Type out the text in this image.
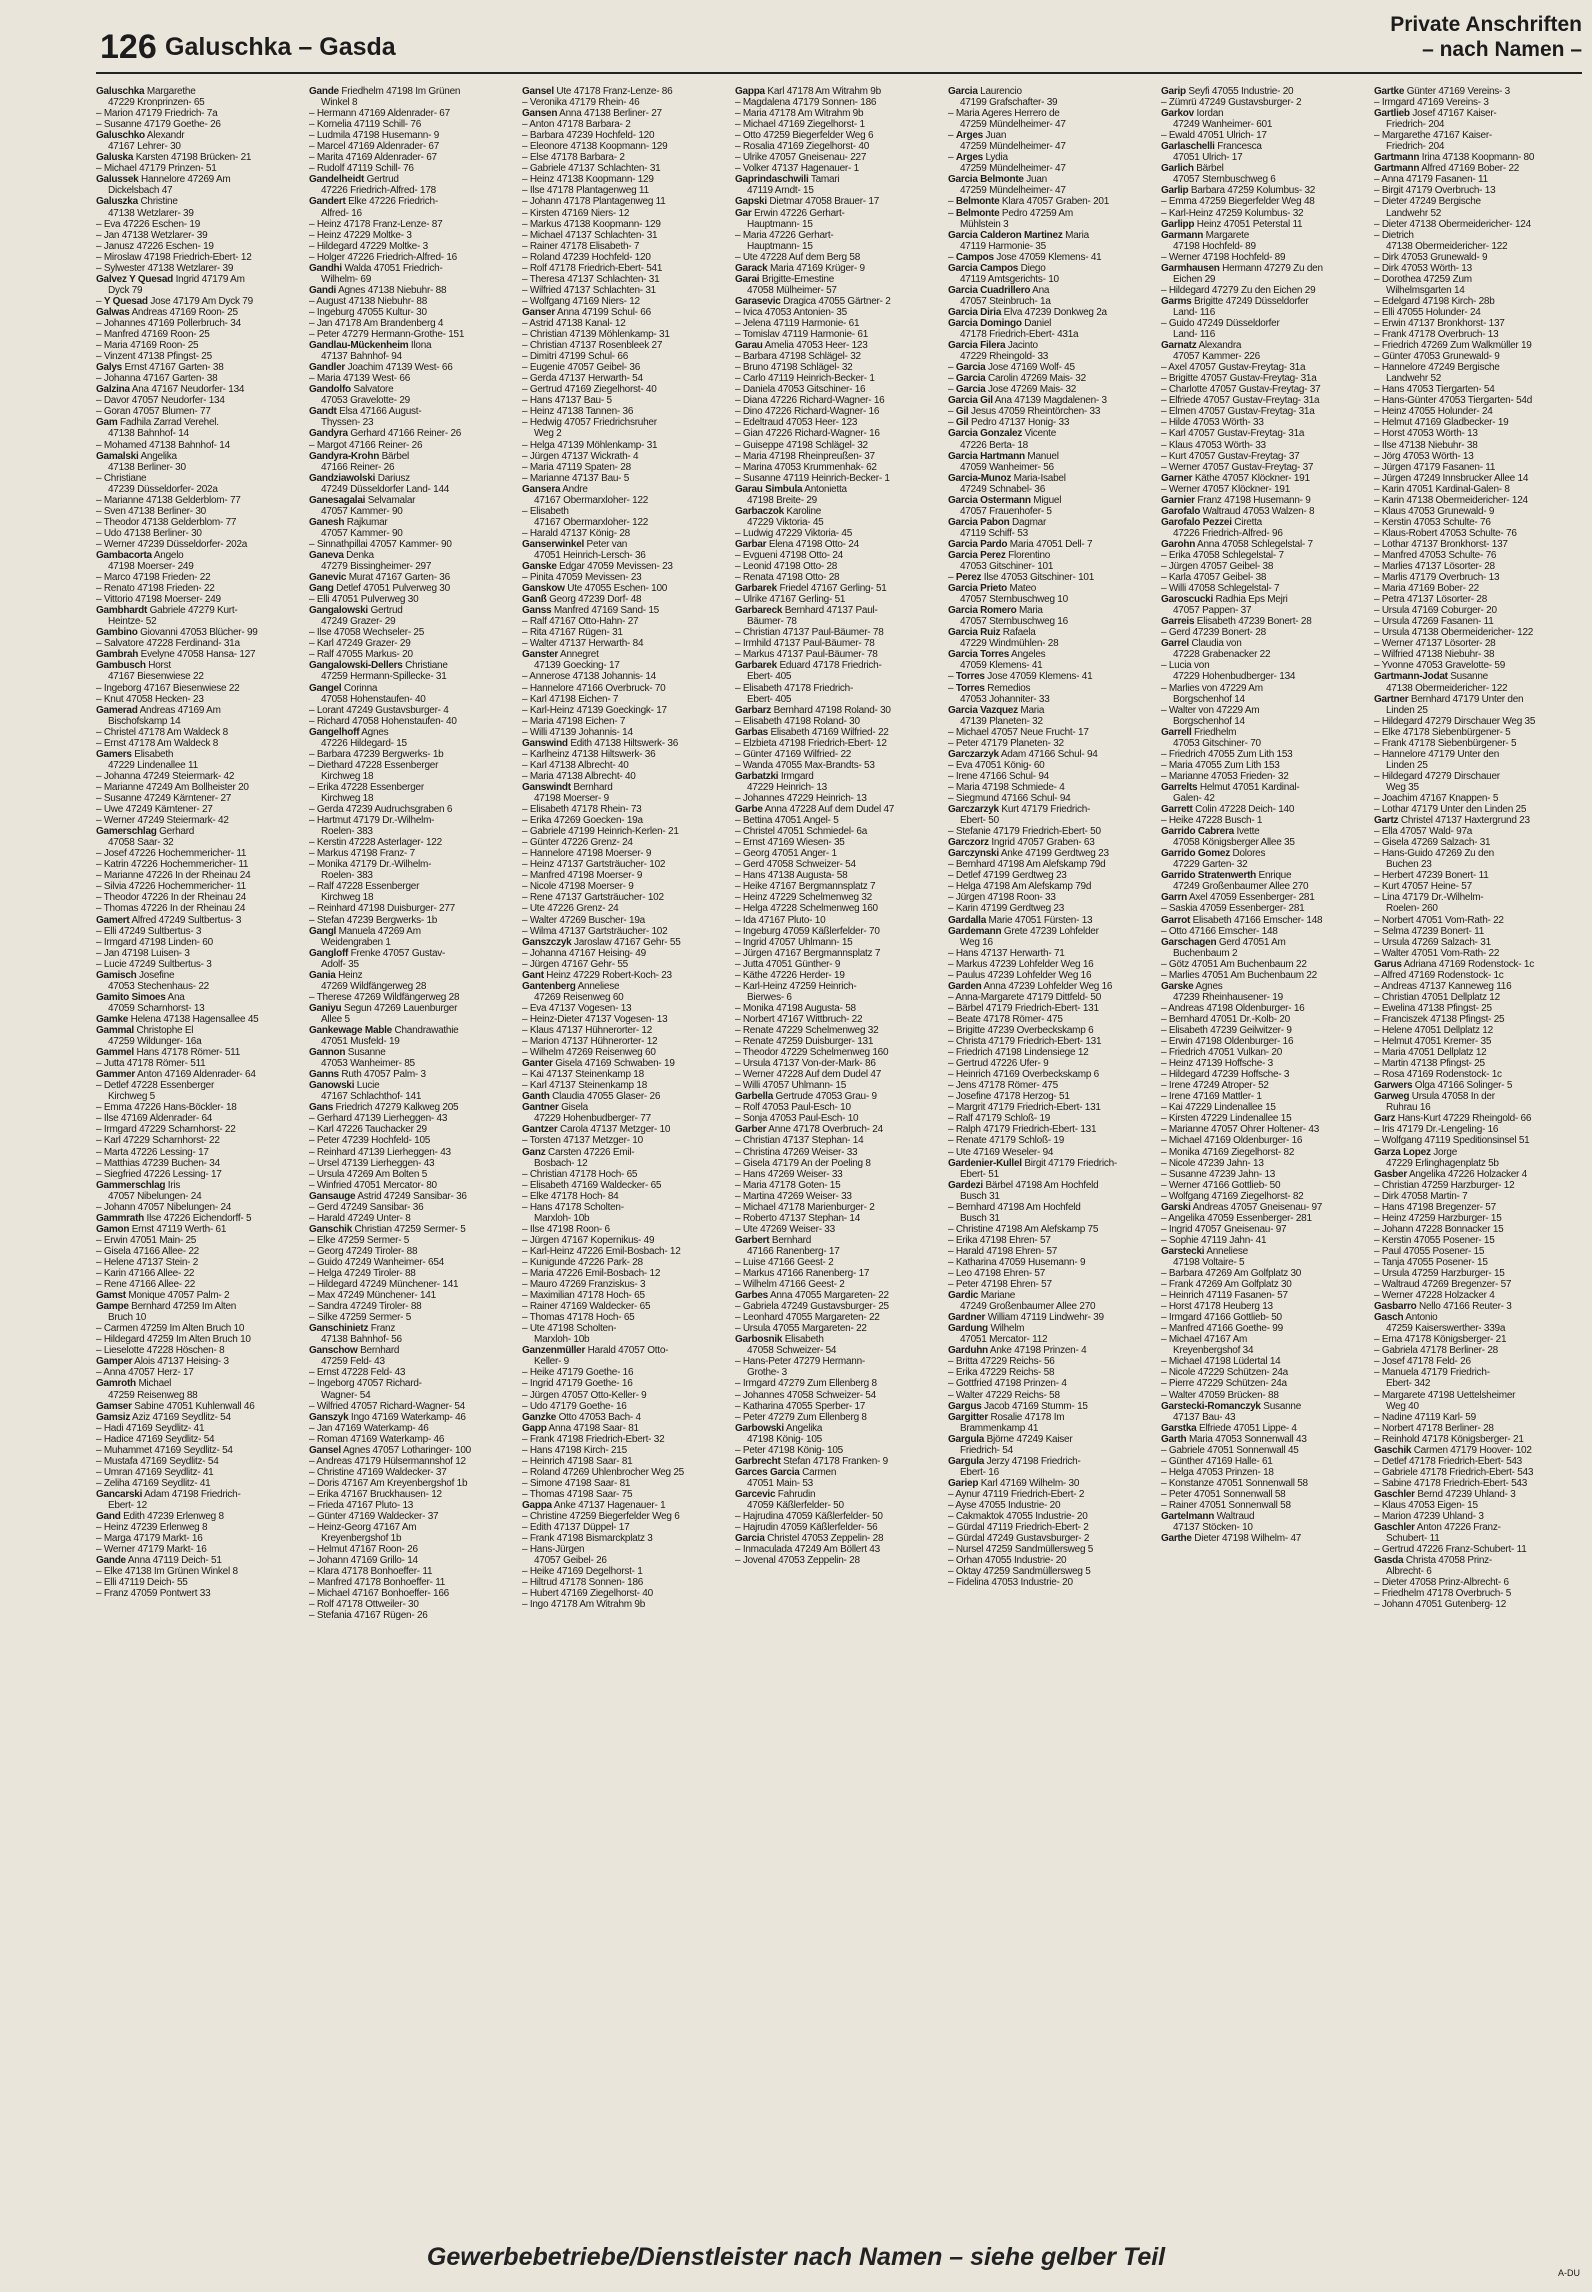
126 Galuschka – Gasda
Private Anschriften
– nach Namen –
Galuschka Margarethe
47229 Kronprinzen- 65
– Marion 47179 Friedrich- 7a
– Susanne 47179 Goethe- 26
Galuschko Alexandr
47167 Lehrer- 30
Galuska Karsten 47198 Brücken- 21
– Michael 47179 Prinzen- 51
Galussek Hannelore 47269 Am
Dickelsbach 47
Galuszka Christine
47138 Wetzlarer- 39
– Eva 47226 Eschen- 19
– Jan 47138 Wetzlarer- 39
– Janusz 47226 Eschen- 19
– Miroslaw 47198 Friedrich-Ebert- 12
– Sylwester 47138 Wetzlarer- 39
Galvez Y Quesad Ingrid 47179 Am
Dyck 79
– Y Quesad Jose 47179 Am Dyck 79
Galwas Andreas 47169 Roon- 25
– Johannes 47169 Pollerbruch- 34
– Manfred 47169 Roon- 25
– Maria 47169 Roon- 25
– Vinzent 47138 Pfingst- 25
Galys Ernst 47167 Garten- 38
– Johanna 47167 Garten- 38
Galzina Ana 47167 Neudorfer- 134
– Davor 47057 Neudorfer- 134
– Goran 47057 Blumen- 77
Gam Fadhila Zarrad Verehel.
47138 Bahnhof- 14
– Mohamed 47138 Bahnhof- 14
Gamalski Angelika
47138 Berliner- 30
– Christiane
47239 Düsseldorfer- 202a
– Marianne 47138 Gelderblom- 77
– Sven 47138 Berliner- 30
– Theodor 47138 Gelderblom- 77
– Udo 47138 Berliner- 30
– Werner 47239 Düsseldorfer- 202a
Gambacorta Angelo
47198 Moerser- 249
– Marco 47198 Frieden- 22
– Renato 47198 Frieden- 22
– Vittorio 47198 Moerser- 249
Gambhardt Gabriele 47279 Kurt-
Heintze- 52
Gambino Giovanni 47053 Blücher- 99
– Salvatore 47228 Ferdinand- 31a
Gambrah Evelyne 47058 Hansa- 127
Gambusch Horst
47167 Biesenwiese 22
– Ingeborg 47167 Biesenwiese 22
– Knut 47058 Hecken- 23
Gamerad Andreas 47169 Am
Bischofskamp 14
– Christel 47178 Am Waldeck 8
– Ernst 47178 Am Waldeck 8
Gamers Elisabeth
47229 Lindenallee 11
– Johanna 47249 Steiermark- 42
– Marianne 47249 Am Bollheister 20
– Susanne 47249 Kärntener- 27
– Uwe 47249 Kärntener- 27
– Werner 47249 Steiermark- 42
Gamerschlag Gerhard
47058 Saar- 32
– Josef 47226 Hochemmericher- 11
– Katrin 47226 Hochemmericher- 11
– Marianne 47226 In der Rheinau 24
– Silvia 47226 Hochemmericher- 11
– Theodor 47226 In der Rheinau 24
– Thomas 47226 In der Rheinau 24
Gamert Alfred 47249 Sultbertus- 3
– Elli 47249 Sultbertus- 3
– Irmgard 47198 Linden- 60
– Jan 47198 Luisen- 3
– Lucie 47249 Sultbertus- 3
Gamisch Josefine
47053 Stechenhaus- 22
Gamito Simoes Ana
47059 Scharnhorst- 13
Gamke Helena 47138 Hagensallee 45
Gammal Christophe El
47259 Wildunger- 16a
Gammel Hans 47178 Römer- 511
– Jutta 47178 Römer- 511
Gammer Anton 47169 Aldenrader- 64
– Detlef 47228 Essenberger
Kirchweg 5
– Emma 47226 Hans-Böckler- 18
– Ilse 47169 Aldenrader- 64
– Irmgard 47229 Scharnhorst- 22
– Karl 47229 Scharnhorst- 22
– Marta 47226 Lessing- 17
– Matthias 47239 Buchen- 34
– Siegfried 47226 Lessing- 17
Gammerschlag Iris
47057 Nibelungen- 24
– Johann 47057 Nibelungen- 24
Gammrath Ilse 47226 Eichendorff- 5
Gamon Ernst 47119 Werth- 61
– Erwin 47051 Main- 25
– Gisela 47166 Allee- 22
– Helene 47137 Stein- 2
– Karin 47166 Allee- 22
– Rene 47166 Allee- 22
Gamst Monique 47057 Palm- 2
Gampe Bernhard 47259 Im Alten
Bruch 10
– Carmen 47259 Im Alten Bruch 10
– Hildegard 47259 Im Alten Bruch 10
– Lieselotte 47228 Höschen- 8
Gamper Alois 47137 Heising- 3
– Anna 47057 Herz- 17
Gamroth Michael
47259 Reisenweg 88
Gamser Sabine 47051 Kuhlenwall 46
Gamsiz Aziz 47169 Seydlitz- 54
– Hadi 47169 Seydlitz- 41
– Hadice 47169 Seydlitz- 54
– Muhammet 47169 Seydlitz- 54
– Mustafa 47169 Seydlitz- 54
– Umran 47169 Seydlitz- 41
– Zeliha 47169 Seydlitz- 41
Gancarski Adam 47198 Friedrich-
Ebert- 12
Gand Edith 47239 Erlenweg 8
– Heinz 47239 Erlenweg 8
– Marga 47179 Markt- 16
– Werner 47179 Markt- 16
Gande Anna 47119 Deich- 51
– Elke 47138 Im Grünen Winkel 8
– Elli 47119 Deich- 55
– Franz 47059 Pontwert 33
Gande Friedhelm 47198 Im Grünen
Winkel 8
– Hermann 47169 Aldenrader- 67
– Kornelia 47119 Schill- 76
– Ludmila 47198 Husemann- 9
– Marcel 47169 Aldenrader- 67
– Marita 47169 Aldenrader- 67
– Rudolf 47119 Schill- 76
Gandelheidt Gertrud
47226 Friedrich-Alfred- 178
Gandert Elke 47226 Friedrich-
Alfred- 16
– Heinz 47178 Franz-Lenze- 87
– Heinz 47229 Moltke- 3
– Hildegard 47229 Moltke- 3
– Holger 47226 Friedrich-Alfred- 16
Gandhi Walda 47051 Friedrich-
Wilhelm- 69
Gandi Agnes 47138 Niebuhr- 88
– August 47138 Niebuhr- 88
– Ingeburg 47055 Kultur- 30
– Jan 47178 Am Brandenberg 4
– Peter 47279 Hermann-Grothe- 151
Gandlau-Mückenheim Ilona
47137 Bahnhof- 94
Gandler Joachim 47139 West- 66
– Maria 47139 West- 66
Gandolfo Salvatore
47053 Gravelotte- 29
Gandt Elsa 47166 August-
Thyssen- 23
Gandyra Gerhard 47166 Reiner- 26
– Margot 47166 Reiner- 26
Gandyra-Krohn Bärbel
47166 Reiner- 26
Gandziawolski Dariusz
47249 Düsseldorfer Land- 144
Ganesagalai Selvamalar
47057 Kammer- 90
Ganesh Rajkumar
47057 Kammer- 90
– Sinnathpillai 47057 Kammer- 90
Ganeva Denka
47279 Bissingheimer- 297
Ganevic Murat 47167 Garten- 36
Gang Detlef 47051 Pulverweg 30
– Elli 47051 Pulverweg 30
Gangalowski Gertrud
47249 Grazer- 29
– Ilse 47058 Wechseler- 25
– Karl 47249 Grazer- 29
– Ralf 47055 Markus- 20
Gangalowski-Dellers Christiane
47259 Hermann-Spillecke- 31
Gangel Corinna
47058 Hohenstaufen- 40
– Lorant 47249 Gustavsburger- 4
– Richard 47058 Hohenstaufen- 40
Gangelhoff Agnes
47226 Hildegard- 15
– Barbara 47239 Bergwerks- 1b
– Diethard 47228 Essenberger
Kirchweg 18
– Erika 47228 Essenberger
Kirchweg 18
– Gerda 47239 Audruchsgraben 6
– Hartmut 47179 Dr.-Wilhelm-
Roelen- 383
– Kerstin 47228 Asterlager- 122
– Markus 47198 Franz- 7
– Monika 47179 Dr.-Wilhelm-
Roelen- 383
– Ralf 47228 Essenberger
Kirchweg 18
– Reinhard 47198 Duisburger- 277
– Stefan 47239 Bergwerks- 1b
Gangl Manuela 47269 Am
Weidengraben 1
Gangloff Frenke 47057 Gustav-
Adolf- 35
Gania Heinz
47269 Wildfängerweg 28
– Therese 47269 Wildfängerweg 28
Ganiyu Segun 47269 Lauenburger
Allee 5
Gankewage Mable Chandrawathie
47051 Musfeld- 19
Gannon Susanne
47053 Wanheimer- 85
Ganns Ruth 47057 Palm- 3
Ganowski Lucie
47167 Schlachthof- 141
Gans Friedrich 47279 Kalkweg 205
– Gerhard 47139 Lierheggen- 43
– Karl 47226 Tauchacker 29
– Peter 47239 Hochfeld- 105
– Reinhard 47139 Lierheggen- 43
– Ursel 47139 Lierheggen- 43
– Ursula 47269 Am Bolten 5
– Winfried 47051 Mercator- 80
Gansauge Astrid 47249 Sansibar- 36
– Gerd 47249 Sansibar- 36
– Harald 47249 Unter- 8
Ganschik Christian 47259 Sermer- 5
– Elke 47259 Sermer- 5
– Georg 47249 Tiroler- 88
– Guido 47249 Wanheimer- 654
– Helga 47249 Tiroler- 88
– Hildegard 47249 Münchener- 141
– Max 47249 Münchener- 141
– Sandra 47249 Tiroler- 88
– Silke 47259 Sermer- 5
Ganschinietz Franz
47138 Bahnhof- 56
Ganschow Bernhard
47259 Feld- 43
– Ernst 47228 Feld- 43
– Ingeborg 47057 Richard-
Wagner- 54
– Wilfried 47057 Richard-Wagner- 54
Ganszyk Ingo 47169 Waterkamp- 46
– Jan 47169 Waterkamp- 46
– Roman 47169 Waterkamp- 46
Gansel Agnes 47057 Lotharinger- 100
– Andreas 47179 Hülsermannshof 12
– Christine 47169 Waldecker- 37
– Doris 47167 Am Kreyenbergshof 1b
– Erika 47167 Bruckhausen- 12
– Frieda 47167 Pluto- 13
– Günter 47169 Waldecker- 37
– Heinz-Georg 47167 Am
Kreyenbergshof 1b
– Helmut 47167 Roon- 26
– Johann 47169 Grillo- 14
– Klara 47178 Bonhoeffer- 11
– Manfred 47178 Bonhoeffer- 11
– Michael 47167 Bonhoeffer- 166
– Rolf 47178 Ottweiler- 30
– Stefania 47167 Rügen- 26
Gansel Ute 47178 Franz-Lenze- 86
– Veronika 47179 Rhein- 46
Gansen Anna 47138 Berliner- 27
– Anton 47178 Barbara- 2
– Barbara 47239 Hochfeld- 120
– Eleonore 47138 Koopmann- 129
– Else 47178 Barbara- 2
– Gabriele 47137 Schlachten- 31
– Heinz 47138 Koopmann- 129
– Ilse 47178 Plantagenweg 11
– Johann 47178 Plantagenweg 11
– Kirsten 47169 Niers- 12
– Markus 47138 Koopmann- 129
– Michael 47137 Schlachten- 31
– Rainer 47178 Elisabeth- 7
– Roland 47239 Hochfeld- 120
– Rolf 47178 Friedrich-Ebert- 541
– Theresa 47137 Schlachten- 31
– Wilfried 47137 Schlachten- 31
– Wolfgang 47169 Niers- 12
Ganser Anna 47199 Schul- 66
– Astrid 47138 Kanal- 12
– Christian 47139 Möhlenkamp- 31
– Christian 47137 Rosenbleek 27
– Dimitri 47199 Schul- 66
– Eugenie 47057 Geibel- 36
– Gerda 47137 Herwarth- 54
– Gertrud 47169 Ziegelhorst- 40
– Hans 47137 Bau- 5
– Heinz 47138 Tannen- 36
– Hedwig 47057 Friedrichsruher
Weg 2
– Helga 47139 Möhlenkamp- 31
– Jürgen 47137 Wickrath- 4
– Maria 47119 Spaten- 28
– Marianne 47137 Bau- 5
Gansera Andre
47167 Obermarxloher- 122
– Elisabeth
47167 Obermarxloher- 122
– Harald 47137 König- 28
Ganserwinkel Peter van
47051 Heinrich-Lersch- 36
Ganske Edgar 47059 Mevissen- 23
– Pinita 47059 Mevissen- 23
Ganskow Ute 47055 Eschen- 100
Ganß Georg 47239 Dorf- 48
Ganss Manfred 47169 Sand- 15
– Ralf 47167 Otto-Hahn- 27
– Rita 47167 Rügen- 31
– Walter 47137 Herwarth- 84
Ganster Annegret
47139 Goecking- 17
– Annerose 47138 Johannis- 14
– Hannelore 47166 Overbruck- 70
– Karl 47198 Eichen- 7
– Karl-Heinz 47139 Goeckingk- 17
– Maria 47198 Eichen- 7
– Willi 47139 Johannis- 14
Ganswind Edith 47138 Hiltswerk- 36
– Karlheinz 47138 Hiltswerk- 36
– Karl 47138 Albrecht- 40
– Maria 47138 Albrecht- 40
Ganswindt Bernhard
47198 Moerser- 9
– Elisabeth 47178 Rhein- 73
– Erika 47269 Goecken- 19a
– Gabriele 47199 Heinrich-Kerlen- 21
– Günter 47226 Grenz- 24
– Hannelore 47198 Moerser- 9
– Heinz 47137 Gartsträucher- 102
– Manfred 47198 Moerser- 9
– Nicole 47198 Moerser- 9
– Rene 47137 Gartsträucher- 102
– Ute 47226 Grenz- 24
– Walter 47269 Buscher- 19a
– Wilma 47137 Gartsträucher- 102
Ganszczyk Jaroslaw 47167 Gehr- 55
– Johanna 47167 Heising- 49
– Jürgen 47167 Gehr- 55
Gant Heinz 47229 Robert-Koch- 23
Gantenberg Anneliese
47269 Reisenweg 60
– Eva 47137 Vogesen- 13
– Heinz-Dieter 47137 Vogesen- 13
– Klaus 47137 Hühnerorter- 12
– Marion 47137 Hühnerorter- 12
– Wilhelm 47269 Reisenweg 60
Ganter Gisela 47169 Schwaben- 19
– Kai 47137 Steinenkamp 18
– Karl 47137 Steinenkamp 18
Ganth Claudia 47055 Glaser- 26
Gantner Gisela
47229 Hohenbudberger- 77
Gantzer Carola 47137 Metzger- 10
– Torsten 47137 Metzger- 10
Ganz Carsten 47226 Emil-
Bosbach- 12
– Christian 47178 Hoch- 65
– Elisabeth 47169 Waldecker- 65
– Elke 47178 Hoch- 84
– Hans 47178 Scholten-
Marxloh- 10b
– Ilse 47198 Roon- 6
– Jürgen 47167 Kopernikus- 49
– Karl-Heinz 47226 Emil-Bosbach- 12
– Kunigunde 47226 Park- 28
– Maria 47226 Emil-Bosbach- 12
– Mauro 47269 Franziskus- 3
– Maximilian 47178 Hoch- 65
– Rainer 47169 Waldecker- 65
– Thomas 47178 Hoch- 65
– Ute 47198 Scholten-
Marxloh- 10b
Ganzenmüller Harald 47057 Otto-
Keller- 9
– Heike 47179 Goethe- 16
– Ingrid 47179 Goethe- 16
– Jürgen 47057 Otto-Keller- 9
– Udo 47179 Goethe- 16
Ganzke Otto 47053 Bach- 4
Gapp Anna 47198 Saar- 81
– Frank 47198 Friedrich-Ebert- 32
– Hans 47198 Kirch- 215
– Heinrich 47198 Saar- 81
– Roland 47269 Uhlenbrocher Weg 25
– Simone 47198 Saar- 81
– Thomas 47198 Saar- 75
Gappa Anke 47137 Hagenauer- 1
– Christine 47259 Biegerfelder Weg 6
– Edith 47137 Düppel- 17
– Frank 47198 Bismarckplatz 3
– Hans-Jürgen
47057 Geibel- 26
– Heike 47169 Degelhorst- 1
– Hiltrud 47178 Sonnen- 186
– Hubert 47169 Ziegelhorst- 40
– Ingo 47178 Am Witrahm 9b
Gappa Karl 47178 Am Witrahm 9b
– Magdalena 47179 Sonnen- 186
– Maria 47178 Am Witrahm 9b
– Michael 47169 Ziegelhorst- 1
– Otto 47259 Biegerfelder Weg 6
– Rosalia 47169 Ziegelhorst- 40
– Ulrike 47057 Gneisenau- 227
– Volker 47137 Hagenauer- 1
Gaprindaschwili Tamari
47119 Arndt- 15
Gapski Dietmar 47058 Brauer- 17
Gar Erwin 47226 Gerhart-
Hauptmann- 15
– Maria 47226 Gerhart-
Hauptmann- 15
– Ute 47228 Auf dem Berg 58
Garack Maria 47169 Krüger- 9
Garai Brigitte-Ernestine
47058 Mülheimer- 57
Garasevic Dragica 47055 Gärtner- 2
– Ivica 47053 Antonien- 35
– Jelena 47119 Harmonie- 61
– Tomislav 47119 Harmonie- 61
Garau Amelia 47053 Heer- 123
– Barbara 47198 Schlägel- 32
– Bruno 47198 Schlägel- 32
– Carlo 47119 Heinrich-Becker- 1
– Daniela 47053 Gitschiner- 16
– Diana 47226 Richard-Wagner- 16
– Dino 47226 Richard-Wagner- 16
– Edeltraud 47053 Heer- 123
– Gian 47226 Richard-Wagner- 16
– Guiseppe 47198 Schlägel- 32
– Maria 47198 Rheinpreußen- 37
– Marina 47053 Krummenhak- 62
– Susanne 47119 Heinrich-Becker- 1
Garau Simbula Antonietta
47198 Breite- 29
Garbaczok Karoline
47229 Viktoria- 45
– Ludwig 47229 Viktoria- 45
Garbar Elena 47198 Otto- 24
– Evgueni 47198 Otto- 24
– Leonid 47198 Otto- 28
– Renata 47198 Otto- 28
Garbarek Friedel 47167 Gerling- 51
– Ulrike 47167 Gerling- 51
Garbareck Bernhard 47137 Paul-
Bäumer- 78
– Christian 47137 Paul-Bäumer- 78
– Irmhild 47137 Paul-Bäumer- 78
– Markus 47137 Paul-Bäumer- 78
Garbarek Eduard 47178 Friedrich-
Ebert- 405
– Elisabeth 47178 Friedrich-
Ebert- 405
Garbarz Bernhard 47198 Roland- 30
– Elisabeth 47198 Roland- 30
Garbas Elisabeth 47169 Wilfried- 22
– Elzbieta 47198 Friedrich-Ebert- 12
– Günter 47169 Wilfried- 22
– Wanda 47055 Max-Brandts- 53
Garbatzki Irmgard
47229 Heinrich- 13
– Johannes 47229 Heinrich- 13
Garbe Anna 47228 Auf dem Dudel 47
– Bettina 47051 Angel- 5
– Christel 47051 Schmiedel- 6a
– Ernst 47169 Wiesen- 35
– Georg 47051 Anger- 1
– Gerd 47058 Schweizer- 54
– Hans 47138 Augusta- 58
– Heike 47167 Bergmannsplatz 7
– Heinz 47229 Schelmenweg 32
– Helga 47228 Schelmenweg 160
– Ida 47167 Pluto- 10
– Ingeburg 47059 Käßlerfelder- 70
– Ingrid 47057 Uhlmann- 15
– Jürgen 47167 Bergmannsplatz 7
– Jutta 47051 Günther- 9
– Käthe 47226 Herder- 19
– Karl-Heinz 47259 Heinrich-
Bierwes- 6
– Monika 47198 Augusta- 58
– Norbert 47167 Wittbruch- 22
– Renate 47229 Schelmenweg 32
– Renate 47259 Duisburger- 131
– Theodor 47229 Schelmenweg 160
– Ursula 47137 Von-der-Mark- 86
– Werner 47228 Auf dem Dudel 47
– Willi 47057 Uhlmann- 15
Garbella Gertrude 47053 Grau- 9
– Rolf 47053 Paul-Esch- 10
– Sonja 47053 Paul-Esch- 10
Garber Anne 47178 Overbruch- 24
– Christian 47137 Stephan- 14
– Christina 47269 Weiser- 33
– Gisela 47179 An der Poeling 8
– Hans 47269 Weiser- 33
– Maria 47178 Goten- 15
– Martina 47269 Weiser- 33
– Michael 47178 Marienburger- 2
– Roberto 47137 Stephan- 14
– Ute 47269 Weiser- 33
Garbert Bernhard
47166 Ranenberg- 17
– Luise 47166 Geest- 2
– Markus 47166 Ranenberg- 17
– Wilhelm 47166 Geest- 2
Garbes Anna 47055 Margareten- 22
– Gabriela 47249 Gustavsburger- 25
– Leonhard 47055 Margareten- 22
– Ursula 47055 Margareten- 22
Garbosnik Elisabeth
47058 Schweizer- 54
– Hans-Peter 47279 Hermann-
Grothe- 3
– Irmgard 47279 Zum Ellenberg 8
– Johannes 47058 Schweizer- 54
– Katharina 47055 Sperber- 17
– Peter 47279 Zum Ellenberg 8
Garbowski Angelika
47198 König- 105
– Peter 47198 König- 105
Garbrecht Stefan 47178 Franken- 9
Garces Garcia Carmen
47051 Main- 53
Garcevic Fahrudin
47059 Käßlerfelder- 50
– Hajrudina 47059 Käßlerfelder- 50
– Hajrudin 47059 Käßlerfelder- 56
Garcia Christel 47053 Zeppelin- 28
– Inmaculada 47249 Am Böllert 43
– Jovenal 47053 Zeppelin- 28
Garcia Laurencio
47199 Grafschafter- 39
– Maria Ageres Herrero de
47259 Mündelheimer- 47
– Arges Juan
47259 Mündelheimer- 47
– Arges Lydia
47259 Mündelheimer- 47
Garcia Belmonte Juan
47259 Mündelheimer- 47
– Belmonte Klara 47057 Graben- 201
– Belmonte Pedro 47259 Am
Mühlstein 3
Garcia Calderon Martinez Maria
47119 Harmonie- 35
– Campos Jose 47059 Klemens- 41
Garcia Campos Diego
47119 Amtsgerichts- 10
Garcia Cuadrillero Ana
47057 Steinbruch- 1a
Garcia Diria Elva 47239 Donkweg 2a
Garcia Domingo Daniel
47178 Friedrich-Ebert- 431a
Garcia Filera Jacinto
47229 Rheingold- 33
– Garcia Jose 47169 Wolf- 45
– Garcia Carolin 47269 Mais- 32
– Garcia Jose 47269 Mais- 32
Garcia Gil Ana 47139 Magdalenen- 3
– Gil Jesus 47059 Rheintörchen- 33
– Gil Pedro 47137 Honig- 33
Garcia Gonzalez Vicente
47226 Berta- 18
Garcia Hartmann Manuel
47059 Wanheimer- 56
Garcia-Munoz Maria-Isabel
47249 Schnabel- 36
Garcia Ostermann Miguel
47057 Frauenhofer- 5
Garcia Pabon Dagmar
47119 Schiff- 53
Garcia Pardo Maria 47051 Dell- 7
Garcia Perez Florentino
47053 Gitschiner- 101
– Perez Ilse 47053 Gitschiner- 101
Garcia Prieto Mateo
47057 Sternbuschweg 10
Garcia Romero Maria
47057 Sternbuschweg 16
Garcia Ruiz Rafaela
47229 Windmühlen- 28
Garcia Torres Angeles
47059 Klemens- 41
– Torres Jose 47059 Klemens- 41
– Torres Remedios
47053 Johanniter- 33
Garcia Vazquez Maria
47139 Planeten- 32
– Michael 47057 Neue Frucht- 17
– Peter 47179 Planeten- 32
Garczarzyk Adam 47166 Schul- 94
– Eva 47051 König- 60
– Irene 47166 Schul- 94
– Maria 47198 Schmiede- 4
– Siegmund 47166 Schul- 94
Garczarzyk Kurt 47179 Friedrich-
Ebert- 50
– Stefanie 47179 Friedrich-Ebert- 50
Garczorz Ingrid 47057 Graben- 63
Garczynski Anke 47199 Gerdtweg 23
– Bernhard 47198 Am Alefskamp 79d
– Detlef 47199 Gerdtweg 23
– Helga 47198 Am Alefskamp 79d
– Jürgen 47198 Roon- 33
– Karin 47199 Gerdtweg 23
Gardalla Marie 47051 Fürsten- 13
Gardemann Grete 47239 Lohfelder
Weg 16
– Hans 47137 Herwarth- 71
– Markus 47239 Lohfelder Weg 16
– Paulus 47239 Lohfelder Weg 16
Garden Anna 47239 Lohfelder Weg 16
– Anna-Margarete 47179 Dittfeld- 50
– Bärbel 47179 Friedrich-Ebert- 131
– Beate 47178 Römer- 475
– Brigitte 47239 Overbeckskamp 6
– Christa 47179 Friedrich-Ebert- 131
– Friedrich 47198 Lindensiege 12
– Gertrud 47226 Ufer- 9
– Heinrich 47169 Overbeckskamp 6
– Jens 47178 Römer- 475
– Josefine 47178 Herzog- 51
– Margrit 47179 Friedrich-Ebert- 131
– Ralf 47179 Schloß- 19
– Ralph 47179 Friedrich-Ebert- 131
– Renate 47179 Schloß- 19
– Ute 47169 Weseler- 94
Gardenier-Kullel Birgit 47179 Friedrich-
Ebert- 51
Gardezi Bärbel 47198 Am Hochfeld
Busch 31
– Bernhard 47198 Am Hochfeld
Busch 31
– Christine 47198 Am Alefskamp 75
– Erika 47198 Ehren- 57
– Harald 47198 Ehren- 57
– Katharina 47059 Husemann- 9
– Leo 47198 Ehren- 57
– Peter 47198 Ehren- 57
Gardic Mariane
47249 Großenbaumer Allee 270
Gardner William 47119 Lindwehr- 39
Gardung Wilhelm
47051 Mercator- 112
Garduhn Anke 47198 Prinzen- 4
– Britta 47229 Reichs- 56
– Erika 47229 Reichs- 58
– Gottfried 47198 Prinzen- 4
– Walter 47229 Reichs- 58
Gargus Jacob 47169 Stumm- 15
Gargitter Rosalie 47178 Im
Brammenkamp 41
Gargula Björne 47249 Kaiser
Friedrich- 54
Gargula Jerzy 47198 Friedrich-
Ebert- 16
Gariep Karl 47169 Wilhelm- 30
– Aynur 47119 Friedrich-Ebert- 2
– Ayse 47055 Industrie- 20
– Cakmaktok 47055 Industrie- 20
– Gürdal 47119 Friedrich-Ebert- 2
– Gürdal 47249 Gustavsburger- 2
– Nursel 47259 Sandmüllersweg 5
– Orhan 47055 Industrie- 20
– Oktay 47259 Sandmüllersweg 5
– Fidelina 47053 Industrie- 20
Garip Seyfi 47055 Industrie- 20
– Zümrü 47249 Gustavsburger- 2
Garkov Iordan
47249 Wanheimer- 601
– Ewald 47051 Ulrich- 17
Garlaschelli Francesca
47051 Ulrich- 17
Garlich Bärbel
47057 Sternbuschweg 6
Garlip Barbara 47259 Kolumbus- 32
– Emma 47259 Biegerfelder Weg 48
– Karl-Heinz 47259 Kolumbus- 32
Garlipp Heinz 47051 Peterstal 11
Garmann Margarete
47198 Hochfeld- 89
– Werner 47198 Hochfeld- 89
Garmhausen Hermann 47279 Zu den
Eichen 29
– Hildegard 47279 Zu den Eichen 29
Garms Brigitte 47249 Düsseldorfer
Land- 116
– Guido 47249 Düsseldorfer
Land- 116
Garnatz Alexandra
47057 Kammer- 226
– Axel 47057 Gustav-Freytag- 31a
– Brigitte 47057 Gustav-Freytag- 31a
– Charlotte 47057 Gustav-Freytag- 37
– Elfriede 47057 Gustav-Freytag- 31a
– Elmen 47057 Gustav-Freytag- 31a
– Hilde 47053 Wörth- 33
– Karl 47057 Gustav-Freytag- 31a
– Klaus 47053 Wörth- 33
– Kurt 47057 Gustav-Freytag- 37
– Werner 47057 Gustav-Freytag- 37
Garner Käthe 47057 Klöckner- 191
– Werner 47057 Klöckner- 191
Garnier Franz 47198 Husemann- 9
Garofalo Waltraud 47053 Walzen- 8
Garofalo Pezzei Ciretta
47226 Friedrich-Alfred- 96
Garohn Anna 47058 Schlegelstal- 7
– Erika 47058 Schlegelstal- 7
– Jürgen 47057 Geibel- 38
– Karla 47057 Geibel- 38
– Willi 47058 Schlegelstal- 7
Garoscucki Radhia Eps Mejri
47057 Pappen- 37
Garreis Elisabeth 47239 Bonert- 28
– Gerd 47239 Bonert- 28
Garrel Claudia von
47228 Grabenacker 22
– Lucia von
47229 Hohenbudberger- 134
– Marlies von 47229 Am
Borgschenhof 14
– Walter von 47229 Am
Borgschenhof 14
Garrell Friedhelm
47053 Gitschiner- 70
– Friedrich 47055 Zum Lith 153
– Maria 47055 Zum Lith 153
– Marianne 47053 Frieden- 32
Garrelts Helmut 47051 Kardinal-
Galen- 42
Garrett Colin 47228 Deich- 140
– Heike 47228 Busch- 1
Garrido Cabrera Ivette
47058 Königsberger Allee 35
Garrido Gomez Dolores
47229 Garten- 32
Garrido Stratenwerth Enrique
47249 Großenbaumer Allee 270
Garrn Axel 47059 Essenberger- 281
– Saskia 47059 Essenberger- 281
Garrot Elisabeth 47166 Emscher- 148
– Otto 47166 Emscher- 148
Garschagen Gerd 47051 Am
Buchenbaum 2
– Götz 47051 Am Buchenbaum 22
– Marlies 47051 Am Buchenbaum 22
Garske Agnes
47239 Rheinhausener- 19
– Andreas 47198 Oldenburger- 16
– Bernhard 47051 Dr.-Kolb- 20
– Elisabeth 47239 Geilwitzer- 9
– Erwin 47198 Oldenburger- 16
– Friedrich 47051 Vulkan- 20
– Heinz 47139 Hoffsche- 3
– Hildegard 47239 Hoffsche- 3
– Irene 47249 Atroper- 52
– Irene 47169 Mattler- 1
– Kai 47229 Lindenallee 15
– Kirsten 47229 Lindenallee 15
– Marianne 47057 Ohrer Holtener- 43
– Michael 47169 Oldenburger- 16
– Monika 47169 Ziegelhorst- 82
– Nicole 47239 Jahn- 13
– Susanne 47239 Jahn- 13
– Werner 47166 Gottlieb- 50
– Wolfgang 47169 Ziegelhorst- 82
Garski Andreas 47057 Gneisenau- 97
– Angelika 47059 Essenberger- 281
– Ingrid 47057 Gneisenau- 97
– Sophie 47119 Jahn- 41
Garstecki Anneliese
47198 Voltaire- 5
– Barbara 47269 Am Golfplatz 30
– Frank 47269 Am Golfplatz 30
– Heinrich 47119 Fasanen- 57
– Horst 47178 Heuberg 13
– Irmgard 47166 Gottlieb- 50
– Manfred 47166 Goethe- 99
– Michael 47167 Am
Kreyenbergshof 34
– Michael 47198 Lüdertal 14
– Nicole 47229 Schützen- 24a
– Pierre 47229 Schützen- 24a
– Walter 47059 Brücken- 88
Garstecki-Romanczyk Susanne
47137 Bau- 43
Garstka Elfriede 47051 Lippe- 4
Garth Maria 47053 Sonnenwall 43
– Gabriele 47051 Sonnenwall 45
– Günther 47169 Halle- 61
– Helga 47053 Prinzen- 18
– Konstanze 47051 Sonnenwall 58
– Peter 47051 Sonnenwall 58
– Rainer 47051 Sonnenwall 58
Gartelmann Waltraud
47137 Stöcken- 10
Garthe Dieter 47198 Wilhelm- 47
Gartke Günter 47169 Vereins- 3
– Irmgard 47169 Vereins- 3
Gartlieb Josef 47167 Kaiser-
Friedrich- 204
– Margarethe 47167 Kaiser-
Friedrich- 204
Gartmann Irina 47138 Koopmann- 80
Gartmann Alfred 47169 Bober- 22
– Anna 47179 Fasanen- 11
– Birgit 47179 Overbruch- 13
– Dieter 47249 Bergische
Landwehr 52
– Dieter 47138 Obermeidericher- 124
– Dietrich
47138 Obermeidericher- 122
– Dirk 47053 Grunewald- 9
– Dirk 47053 Wörth- 13
– Dorothea 47259 Zum
Wilhelmsgarten 14
– Edelgard 47198 Kirch- 28b
– Elli 47055 Holunder- 24
– Erwin 47137 Bronkhorst- 137
– Frank 47178 Overbruch- 13
– Friedrich 47269 Zum Walkmüller 19
– Günter 47053 Grunewald- 9
– Hannelore 47249 Bergische
Landwehr 52
– Hans 47053 Tiergarten- 54
– Hans-Günter 47053 Tiergarten- 54d
– Heinz 47055 Holunder- 24
– Helmut 47169 Gladbecker- 19
– Horst 47053 Wörth- 13
– Ilse 47138 Niebuhr- 38
– Jörg 47053 Wörth- 13
– Jürgen 47179 Fasanen- 11
– Jürgen 47249 Innsbrucker Allee 14
– Karin 47051 Kardinal-Galen- 8
– Karin 47138 Obermeidericher- 124
– Klaus 47053 Grunewald- 9
– Kerstin 47053 Schulte- 76
– Klaus-Robert 47053 Schulte- 76
– Lothar 47137 Bronkhorst- 137
– Manfred 47053 Schulte- 76
– Marlies 47137 Lösorter- 28
– Marlis 47179 Overbruch- 13
– Maria 47169 Bober- 22
– Petra 47137 Lösorter- 28
– Ursula 47169 Coburger- 20
– Ursula 47269 Fasanen- 11
– Ursula 47138 Obermeidericher- 122
– Werner 47137 Lösorter- 28
– Wilfried 47138 Niebuhr- 38
– Yvonne 47053 Gravelotte- 59
Gartmann-Jodat Susanne
47138 Obermeidericher- 122
Gartner Bernhard 47179 Unter den
Linden 25
– Hildegard 47279 Dirschauer Weg 35
– Elke 47178 Siebenbürgener- 5
– Frank 47178 Siebenbürgener- 5
– Hannelore 47179 Unter den
Linden 25
– Hildegard 47279 Dirschauer
Weg 35
– Joachim 47167 Knappen- 5
– Lothar 47179 Unter den Linden 25
Gartz Christel 47137 Haxtergrund 23
– Ella 47057 Wald- 97a
– Gisela 47269 Salzach- 31
– Hans-Guido 47269 Zu den
Buchen 23
– Herbert 47239 Bonert- 11
– Kurt 47057 Heine- 57
– Lina 47179 Dr.-Wilhelm-
Roelen- 260
– Norbert 47051 Vom-Rath- 22
– Selma 47239 Bonert- 11
– Ursula 47269 Salzach- 31
– Walter 47051 Vom-Rath- 22
Garus Adriana 47169 Rodenstock- 1c
– Alfred 47169 Rodenstock- 1c
– Andreas 47137 Kanneweg 116
– Christian 47051 Dellplatz 12
– Ewelina 47138 Pfingst- 25
– Franciszek 47138 Pfingst- 25
– Helene 47051 Dellplatz 12
– Helmut 47051 Kremer- 35
– Maria 47051 Dellplatz 12
– Martin 47138 Pfingst- 25
– Rosa 47169 Rodenstock- 1c
Garwers Olga 47166 Solinger- 5
Garweg Ursula 47058 In der
Ruhrau 16
Garz Hans-Kurt 47229 Rheingold- 66
– Iris 47179 Dr.-Lengeling- 16
– Wolfgang 47119 Speditionsinsel 51
Garza Lopez Jorge
47229 Erlinghagenplatz 5b
Gasber Angelika 47226 Holzacker 4
– Christian 47259 Harzburger- 12
– Dirk 47058 Martin- 7
– Hans 47198 Bregenzer- 57
– Heinz 47259 Harzburger- 15
– Johann 47228 Bonnacker 15
– Kerstin 47055 Posener- 15
– Paul 47055 Posener- 15
– Tanja 47055 Posener- 15
– Ursula 47259 Harzburger- 15
– Waltraud 47269 Bregenzer- 57
– Werner 47228 Holzacker 4
Gasbarro Nello 47166 Reuter- 3
Gasch Antonio
47259 Kaiserswerther- 339a
– Erna 47178 Königsberger- 21
– Gabriela 47178 Berliner- 28
– Josef 47178 Feld- 26
– Manuela 47179 Friedrich-
Ebert- 342
– Margarete 47198 Uettelsheimer
Weg 40
– Nadine 47119 Karl- 59
– Norbert 47178 Berliner- 28
– Reinhold 47178 Königsberger- 21
Gaschik Carmen 47179 Hoover- 102
– Detlef 47178 Friedrich-Ebert- 543
– Gabriele 47178 Friedrich-Ebert- 543
– Sabine 47178 Friedrich-Ebert- 543
Gaschler Bernd 47239 Uhland- 3
– Klaus 47053 Eigen- 15
– Marion 47239 Uhland- 3
Gaschler Anton 47226 Franz-
Schubert- 11
– Gertrud 47226 Franz-Schubert- 11
Gasda Christa 47058 Prinz-
Albrecht- 6
– Dieter 47058 Prinz-Albrecht- 6
– Friedhelm 47178 Overbruch- 5
– Johann 47051 Gutenberg- 12
Gewerbebetriebe/Dienstleister nach Namen – siehe gelber Teil
A-DU
